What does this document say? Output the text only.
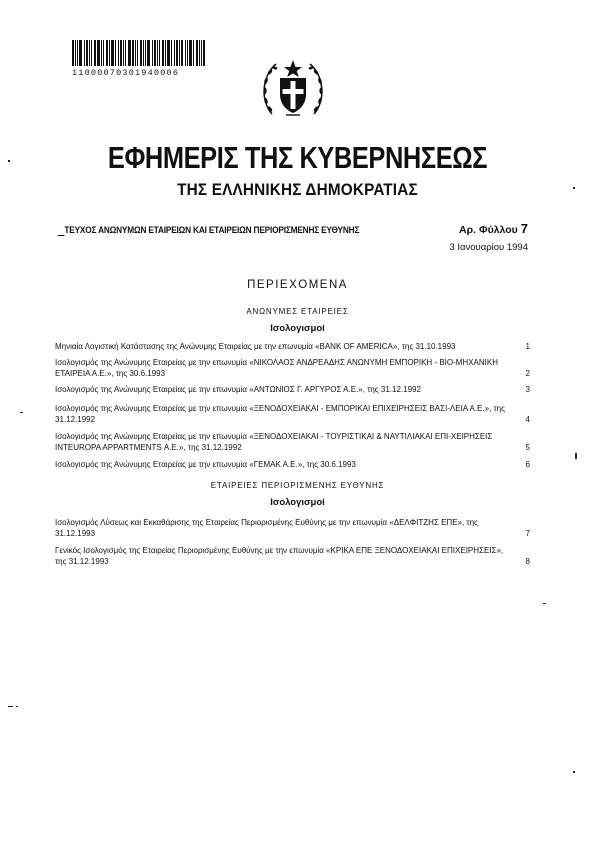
11000070301940006
ΕΦΗΜΕΡΙΣ ΤΗΣ ΚΥΒΕΡΝΗΣΕΩΣ
ΤΗΣ ΕΛΛΗΝΙΚΗΣ ΔΗΜΟΚΡΑΤΙΑΣ
ΤΕΥΧΟΣ ΑΝΩΝΥΜΩΝ ΕΤΑΙΡΕΙΩΝ ΚΑΙ ΕΤΑΙΡΕΙΩΝ ΠΕΡΙΟΡΙΣΜΕΝΗΣ ΕΥΘΥΝΗΣ	Αρ. Φύλλου 7
3 Ιανουαρίου 1994
ΠΕΡΙΕΧΟΜΕΝΑ
ΑΝΩΝΥΜΕΣ ΕΤΑΙΡΕΙΕΣ
Ισολογισμοί
Μηνιαία Λογιστική Κατάστασης της Ανώνυμης Εταιρείας με την επωνυμία «BANK OF AMERICA», της 31.10.1993	1
Ισολογισμός της Ανώνυμης Εταιρείας με την επωνυμία «ΝΙΚΟΛΑΟΣ ΑΝΔΡΕΑΔΗΣ ΑΝΩΝΥΜΗ ΕΜΠΟΡΙΚΗ - ΒΙΟ-ΜΗΧΑΝΙΚΗ ΕΤΑΙΡΕΙΑ Α.Ε.», της 30.6.1993	2
Ισολογισμός της Ανώνυμης Εταιρείας με την επωνυμία «ΑΝΤΩΝΙΟΣ Γ. ΑΡΓΥΡΟΣ Α.Ε.», της 31.12.1992	3
Ισολογισμός της Ανώνυμης Εταιρείας με την επωνυμία «ΞΕΝΟΔΟΧΕΙΑΚΑΙ - ΕΜΠΟΡΙΚΑΙ ΕΠΙΧΕΙΡΗΣΕΙΣ ΒΑΣΙ-ΛΕΙΑ Α.Ε.», της 31.12.1992	4
Ισολογισμός της Ανώνυμης Εταιρείας με την επωνυμία «ΞΕΝΟΔΟΧΕΙΑΚΑΙ - ΤΟΥΡΙΣΤΙΚΑΙ & ΝΑΥΤΙΛΙΑΚΑΙ ΕΠΙ-ΧΕΙΡΗΣΕΙΣ INTEUROPA APPARTMENTS Α.Ε.», της 31.12.1992	5
Ισολογισμός της Ανώνυμης Εταιρείας με την επωνυμία «ΓΕΜΑΚ Α.Ε.», της 30.6.1993	6
ΕΤΑΙΡΕΙΕΣ ΠΕΡΙΟΡΙΣΜΕΝΗΣ ΕΥΘΥΝΗΣ
Ισολογισμοί
Ισολογισμός Λύσεως και Εκκαθάρισης της Εταιρείας Περιορισμένης Ευθύνης με την επωνυμία «ΔΕΛΦΙΤΖΗΣ ΕΠΕ», της 31.12.1993	7
Γενικός Ισολογισμός της Εταιρείας Περιορισμένης Ευθύνης με την επωνυμία «ΚΡΙΚΑ ΕΠΕ ΞΕΝΟΔΟΧΕΙΑΚΑΙ ΕΠΙΧΕΙΡΗΣΕΙΣ», της 31.12.1993	8
